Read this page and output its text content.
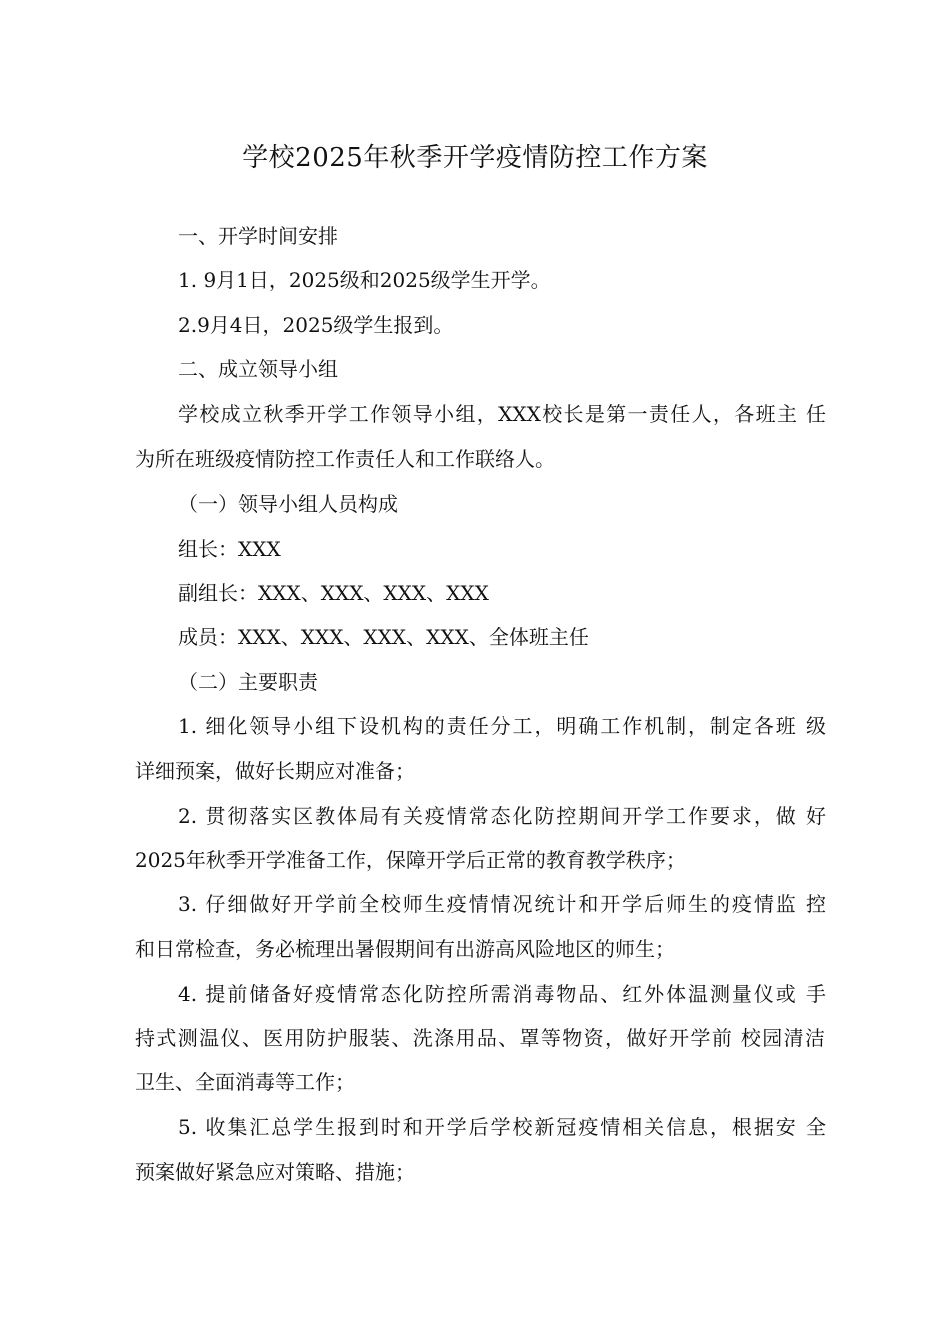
学校2025年秋季开学疫情防控工作方案
一、开学时间安排
1. 9月1日，2025级和2025级学生开学。
2.9月4日，2025级学生报到。
二、成立领导小组
学校成立秋季开学工作领导小组，XXX校长是第一责任人，各班主 任
为所在班级疫情防控工作责任人和工作联络人。
（一）领导小组人员构成
组长：XXX
副组长：XXX、XXX、XXX、XXX
成员：XXX、XXX、XXX、XXX、全体班主任
（二）主要职责
1. 细化领导小组下设机构的责任分工，明确工作机制，制定各班 级
详细预案，做好长期应对准备；
2. 贯彻落实区教体局有关疫情常态化防控期间开学工作要求，做 好
2025年秋季开学准备工作，保障开学后正常的教育教学秩序；
3. 仔细做好开学前全校师生疫情情况统计和开学后师生的疫情监 控
和日常检查，务必梳理出暑假期间有出游高风险地区的师生；
4. 提前储备好疫情常态化防控所需消毒物品、红外体温测量仪或 手
持式测温仪、医用防护服装、洗涤用品、罩等物资，做好开学前 校园清洁
卫生、全面消毒等工作；
5. 收集汇总学生报到时和开学后学校新冠疫情相关信息，根据安 全
预案做好紧急应对策略、措施；
